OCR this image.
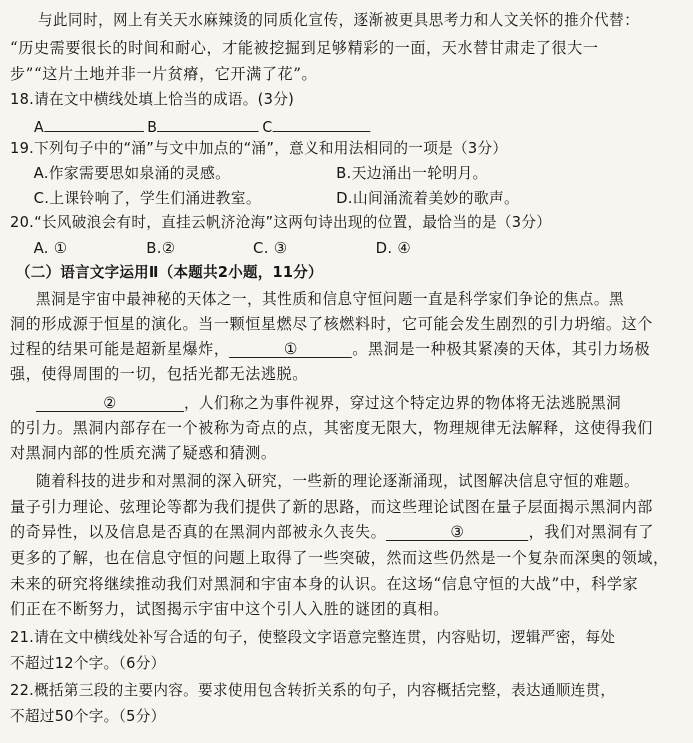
与此同时，网上有关天水麻辣烫的同质化宣传，逐渐被更具思考力和人文关怀的推介代替：
“历史需要很长的时间和耐心，才能被挖掘到足够精彩的一面，天水替甘肃走了很大一
步”“这片土地并非一片贫瘠，它开满了花”。
18.请在文中横线处填上恰当的成语。(3分)
A	B	C
19.下列句子中的“涌”与文中加点的“涌”，意义和用法相同的一项是（3分）
A.作家需要思如泉涌的灵感。	B.天边涌出一轮明月。
C.上课铃响了，学生们涌进教室。	D.山间涌流着美妙的歌声。
20.“长风破浪会有时，直挂云帆济沧海”这两句诗出现的位置，最恰当的是（3分）
A. ①	B.②	C. ③	D. ④
（二）语言文字运用Ⅱ（本题共2小题，11分）
黑洞是宇宙中最神秘的天体之一，其性质和信息守恒问题一直是科学家们争论的焦点。黑
洞的形成源于恒星的演化。当一颗恒星燃尽了核燃料时，它可能会发生剧烈的引力坍缩。这个
过程的结果可能是超新星爆炸，	①	。黑洞是一种极其紧凑的天体，其引力场极
强，使得周围的一切，包括光都无法逃脱。
②	，人们称之为事件视界，穿过这个特定边界的物体将无法逃脱黑洞
的引力。黑洞内部存在一个被称为奇点的点，其密度无限大，物理规律无法解释，这使得我们
对黑洞内部的性质充满了疑惑和猜测。
随着科技的进步和对黑洞的深入研究，一些新的理论逐渐涌现，试图解决信息守恒的难题。
量子引力理论、弦理论等都为我们提供了新的思路，而这些理论试图在量子层面揭示黑洞内部
的奇异性，以及信息是否真的在黑洞内部被永久丧失。	③	，我们对黑洞有了
更多的了解，也在信息守恒的问题上取得了一些突破，然而这些仍然是一个复杂而深奥的领域，
未来的研究将继续推动我们对黑洞和宇宙本身的认识。在这场“信息守恒的大战”中，科学家
们正在不断努力，试图揭示宇宙中这个引人入胜的谜团的真相。
21.请在文中横线处补写合适的句子，使整段文字语意完整连贯，内容贴切，逻辑严密，每处
不超过12个字。（6分）
22.概括第三段的主要内容。要求使用包含转折关系的句子，内容概括完整，表达通顺连贯，
不超过50个字。（5分）
